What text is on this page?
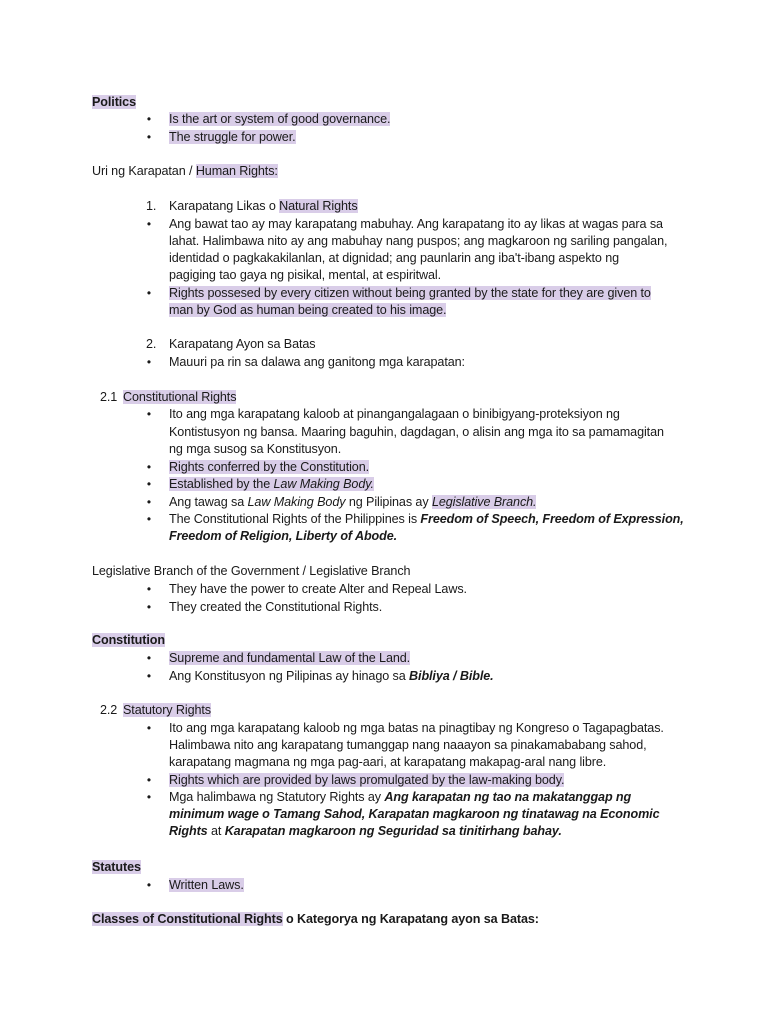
Politics
• Is the art or system of good governance.
• The struggle for power.
Uri ng Karapatan / Human Rights:
1. Karapatang Likas o Natural Rights
• Ang bawat tao ay may karapatang mabuhay. Ang karapatang ito ay likas at wagas para sa
lahat. Halimbawa nito ay ang mabuhay nang puspos; ang magkaroon ng sariling pangalan,
identidad o pagkakakilanlan, at dignidad; ang paunlarin ang iba't-ibang aspekto ng
pagiging tao gaya ng pisikal, mental, at espiritwal.
• Rights possesed by every citizen without being granted by the state for they are given to
man by God as human being created to his image.
2. Karapatang Ayon sa Batas
• Mauuri pa rin sa dalawa ang ganitong mga karapatan:
2.1 Constitutional Rights
• Ito ang mga karapatang kaloob at pinangangalagaan o binibigyang-proteksiyon ng
Kontistusyon ng bansa. Maaring baguhin, dagdagan, o alisin ang mga ito sa pamamagitan
ng mga susog sa Konstitusyon.
• Rights conferred by the Constitution.
• Established by the Law Making Body.
• Ang tawag sa Law Making Body ng Pilipinas ay Legislative Branch.
• The Constitutional Rights of the Philippines is Freedom of Speech, Freedom of Expression,
Freedom of Religion, Liberty of Abode.
Legislative Branch of the Government / Legislative Branch
• They have the power to create Alter and Repeal Laws.
• They created the Constitutional Rights.
Constitution
• Supreme and fundamental Law of the Land.
• Ang Konstitusyon ng Pilipinas ay hinago sa Bibliya / Bible.
2.2 Statutory Rights
• Ito ang mga karapatang kaloob ng mga batas na pinagtibay ng Kongreso o Tagapagbatas.
Halimbawa nito ang karapatang tumanggap nang naaayon sa pinakamababang sahod,
karapatang magmana ng mga pag-aari, at karapatang makapag-aral nang libre.
• Rights which are provided by laws promulgated by the law-making body.
• Mga halimbawa ng Statutory Rights ay Ang karapatan ng tao na makatanggap ng
minimum wage o Tamang Sahod, Karapatan magkaroon ng tinatawag na Economic
Rights at Karapatan magkaroon ng Seguridad sa tinitirhang bahay.
Statutes
• Written Laws.
Classes of Constitutional Rights o Kategorya ng Karapatang ayon sa Batas:
